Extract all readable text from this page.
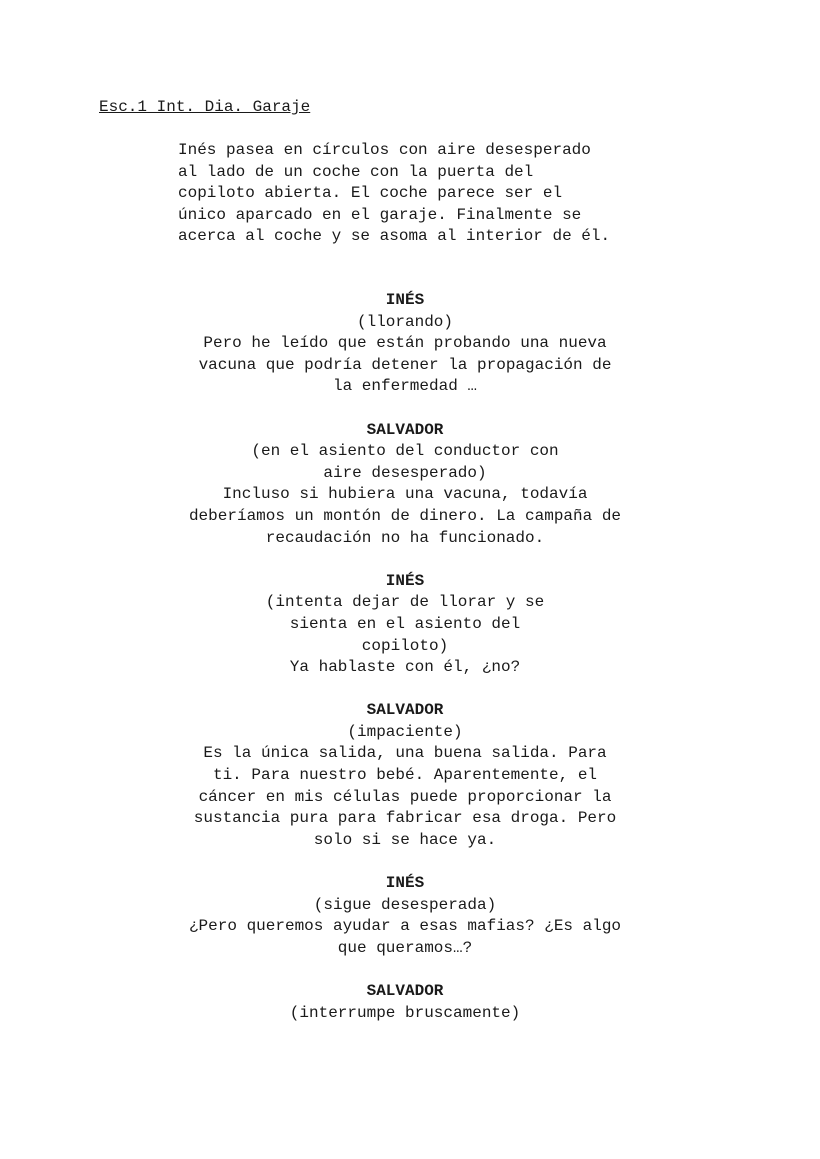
Esc.1 Int. Dia. Garaje
Inés pasea en círculos con aire desesperado
al lado de un coche con la puerta del
copiloto abierta. El coche parece ser el
único aparcado en el garaje. Finalmente se
acerca al coche y se asoma al interior de él.
INÉS
(llorando)
Pero he leído que están probando una nueva
vacuna que podría detener la propagación de
la enfermedad …
SALVADOR
(en el asiento del conductor con
aire desesperado)
Incluso si hubiera una vacuna, todavía
deberíamos un montón de dinero. La campaña de
recaudación no ha funcionado.
INÉS
(intenta dejar de llorar y se
sienta en el asiento del
copiloto)
Ya hablaste con él, ¿no?
SALVADOR
(impaciente)
Es la única salida, una buena salida. Para
ti. Para nuestro bebé. Aparentemente, el
cáncer en mis células puede proporcionar la
sustancia pura para fabricar esa droga. Pero
solo si se hace ya.
INÉS
(sigue desesperada)
¿Pero queremos ayudar a esas mafias? ¿Es algo
que queramos…?
SALVADOR
(interrumpe bruscamente)
